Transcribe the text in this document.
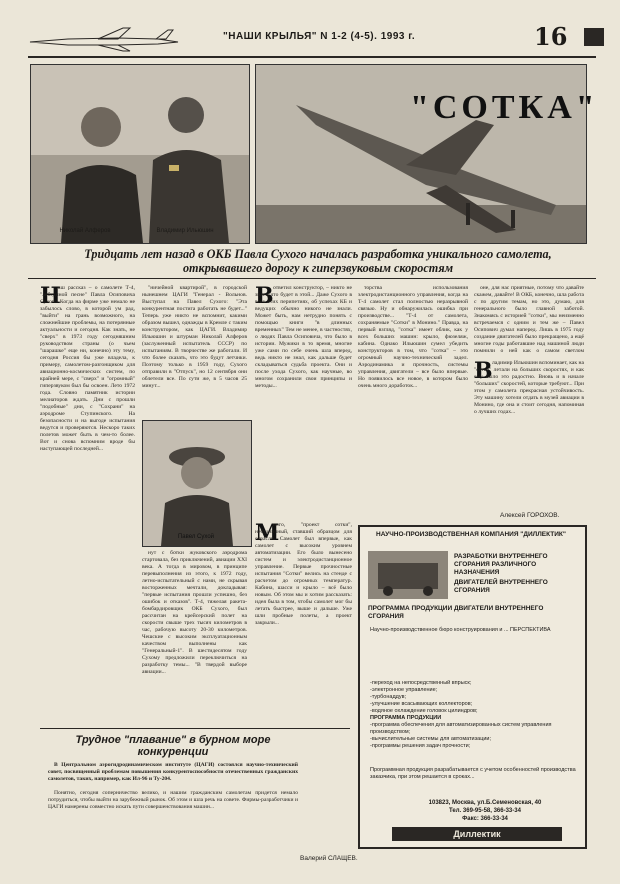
"НАШИ КРЫЛЬЯ" N 1-2 (4-5). 1993 г.	16
Николай Алферов	Владимир Ильюшин
"СОТКА"
Тридцать лет назад в ОКБ Павла Сухого началась разработка уникального самолета, открывавшего дорогу к гиперзвуковым скоростям
Н

аш рассказ – о самолете Т-4, "лебединой песне" Павла Осиповича Сухого. Когда на фирме уже немало не забылось слово, в которой ум рад, "выйти" на грань возможного, на сложнейшие проблемы, на потерянные актуальности и сегодня. Как знать, не "сверх" в 1973 году сегодняшним руководством страны (о чьем "шарашке" еще ни, конечно) эту тему, сегодня Россия бы уже владела, к примеру, самолетом-разгонщиком для авиационно-космических систем, по крайней мере, с "сверх" и "огромный" гиперзвуком был бы освоен. Лето 1972 года. Словно памятник истории мелиаторов ждать. Дни с прошли "подобные" дни, с "Сохрани" на аэродроме Ступинского. На безопасности и на выгоде испытания ведутся и проверяются. Нескоро таких полетов может быть в чем-то более. Вот и снова вспомним вроде бы наступающей последней...

"ничейной квартирой", в городской нынешнем ЦАГИ "Генерал - Вольнов. Выступал на Павел Сухого: "Эта конкурентная постига работать не будет..." Теперь уже никто не вспомнит, какими образом вышел, однажды в Кремле с таким конструктором, как ЦАГИ. Владимир Ильюшин и штурман Николай Алферов (заслуженный испытатель СССР) по испытаниям. В творчестве же работали. И что более сказать, что это будут летчики. Поэтому только в 1959 году, Сухого отправили в "Отпуск", но 12 сентября они облетели все. По сути же, в 5 часов 25 минут...

Павел Сухой

нут с ботки жуковского аэродрома стартовала, без приключений, авиации XXI века. А тогда в мировом, в принципе перевыполнения из этого, к 1972 году, летно-испытательный с нами, не скрывая восторженных мечтали, докладывая: "первые испытания прошли успешно, без ошибок и отказов". Т-4, тяжелая ракета-бомбардировщик ОКБ Сухого, был рассчитан на крейсерский полет на скорости свыше трех тысяч километров в час, рабочую высоту 20-30 километров. Чешские с высоким эксплуатационным качеством выполнены как "Генеральный-1". В шестидесятом году Сухому предложили переключиться на разработку темы... "В твердой выборе авиации...

В ответил конструктор, – никто не знает, что будет в этой... Даже Сухого в всех этих перипетиях, об успехах КБ и ведущих обычно никого не знали. Может быть, нам нетрудно понять с помощью книги "в длинных временных" Тем не менее, в частностях, о людях Павла Осиповича, что было в истории. Мужики в то время, многие уже сами по себе очень шла вперед, ведь никто не знал, как дальше будет складываться судьба проекта. Они и после ухода Сухого, как научные, во многом сохранили свои принципы и методы...

М

ного, "проект сотки", небудничный, ставший образцом для отрасли. Самолет был впервые, как самолет с высоким уровнем автоматизации. Его было вынесено систем и электродистанционное управление. Первые прочностные испытания "Сотки" велись на стенде с расчетом до огромных температур. Кабина, шасси и крыло – всё было новым. Об этом мы и хотим рассказать: идея была в том, чтобы самолет мог бы летать быстрее, выше и дальше. Уже шли пробные полеты, а проект закрыли...

торства использования электродистанционного управления, когда на Т-4 самолет стал полностью неразрывной связью. Ну и обнаружилась ошибка при производстве... "Т-4 от самолета, сохраняемые "Сотки" в Монино." Правда, на первый взгляд, "сотка" имеет облик, как у всех больших машин: крыло, фюзеляж, кабина. Однако Ильюшин сумел убедить конструкторов в том, что "сотка" – это огромный научно-технический задел. Аэродинамика и прочность, системы управления, двигатели – все было впервые. Но появилось все новое, в котором было очень много доработок...

оне, для нас приятные, потому что давайте скажем, давайте! В ОКБ, конечно, шла работа с по другим темам, но это, думаю, для генерального было главной заботой. Знакомясь с историей "сотки", мы неизменно встречаемся с одним и тем же – Павел Осипович думал наперед. Лишь в 1975 году создание двигателей было прекращено, а ещё многие годы работавшие над машиной люди помнили о ней как о самом светлом

В ладимир Ильюшин вспоминает, как на "сотке" летали на больших скоростях, и как ему было это радостно. Вновь и в начале "больших" скоростей, которые требуют... При этом у самолета прекрасная устойчивость. Эту машину хотели отдать в музей авиации в Монино, где она и стоит сегодня, напоминая о лучших годах...

Алексей ГОРОХОВ.
Трудное "плавание" в бурном море конкуренции

В Центральном аэрогидродинамическом институте (ЦАГИ) состоялся научно-технический совет, посвященный проблемам повышения конкурентоспособности отечественных гражданских самолетов, таких, например, как Ил-96 и Ту-204.

Понятно, сегодня соперничество велико, и нашим гражданским самолетам придется немало потрудиться, чтобы выйти на зарубежный рынок. Об этом и шла речь на совете. Фирмы-разработчики и ЦАГИ намерены совместно искать пути совершенствования машин...

Валерий СЛАЩЕВ.
НАУЧНО-ПРОИЗВОДСТВЕННАЯ КОМПАНИЯ "ДИЛЛЕКТИК"
РАЗРАБОТКИ ВНУТРЕННЕГО СГОРАНИЯ РАЗЛИЧНОГО НАЗНАЧЕНИЯ
ДВИГАТЕЛЕЙ ВНУТРЕННЕГО СГОРАНИЯ
ПРОГРАММА ПРОДУКЦИИ ДВИГАТЕЛИ ВНУТРЕННЕГО СГОРАНИЯ
Научно-производственное бюро конструирования и ... ПЕРСПЕКТИВА
-переход на непосредственный впрыск;
-электронное управление;
-турбонаддув;
-улучшение всасывающих коллекторов;
-водяное охлаждение головок цилиндров;
ПРОГРАММА ПРОДУКЦИИ
-программа обеспечения для автоматизированных систем управления производством;
-вычислительные системы для автоматизации;
-программы решения задач прочности;
Программная продукция разрабатывается с учетом особенностей производства заказчика, при этом решается в сроках...
103823, Москва, ул.Б.Семеновская, 40
Тел. 369-95-58, 366-33-34
Факс: 366-33-34
Диллектик
